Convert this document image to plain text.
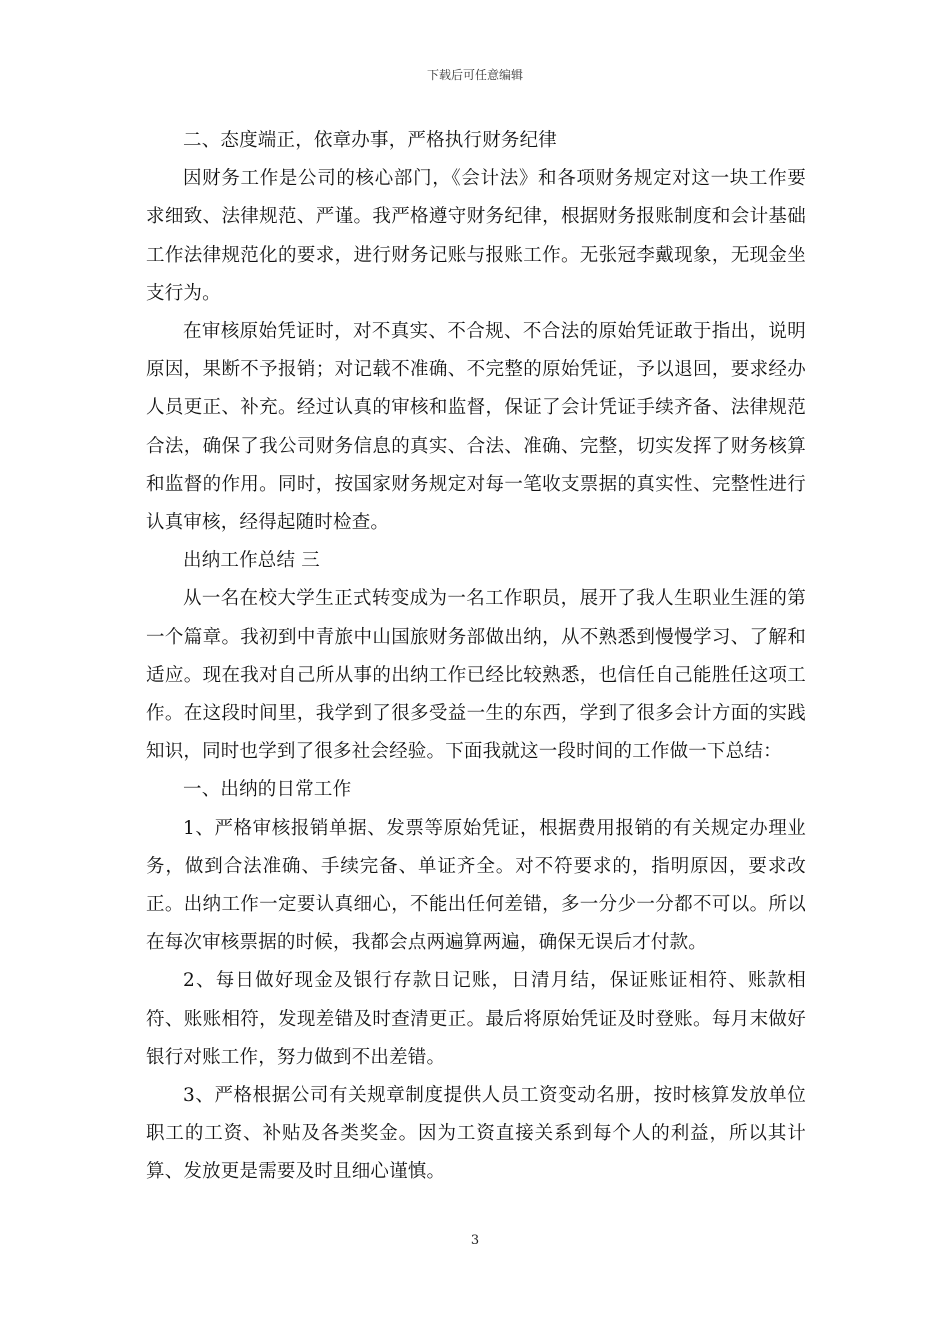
下载后可任意编辑

二、态度端正，依章办事，严格执行财务纪律

因财务工作是公司的核心部门，《会计法》和各项财务规定对这一块工作要求细致、法律规范、严谨。我严格遵守财务纪律，根据财务报账制度和会计基础工作法律规范化的要求，进行财务记账与报账工作。无张冠李戴现象，无现金坐支行为。

在审核原始凭证时，对不真实、不合规、不合法的原始凭证敢于指出，说明原因，果断不予报销；对记载不准确、不完整的原始凭证，予以退回，要求经办人员更正、补充。经过认真的审核和监督，保证了会计凭证手续齐备、法律规范合法，确保了我公司财务信息的真实、合法、准确、完整，切实发挥了财务核算和监督的作用。同时，按国家财务规定对每一笔收支票据的真实性、完整性进行认真审核，经得起随时检查。

出纳工作总结 三

从一名在校大学生正式转变成为一名工作职员，展开了我人生职业生涯的第一个篇章。我初到中青旅中山国旅财务部做出纳，从不熟悉到慢慢学习、了解和适应。现在我对自己所从事的出纳工作已经比较熟悉，也信任自己能胜任这项工作。在这段时间里，我学到了很多受益一生的东西，学到了很多会计方面的实践知识，同时也学到了很多社会经验。下面我就这一段时间的工作做一下总结：

一、出纳的日常工作

1、严格审核报销单据、发票等原始凭证，根据费用报销的有关规定办理业务，做到合法准确、手续完备、单证齐全。对不符要求的，指明原因，要求改正。出纳工作一定要认真细心，不能出任何差错，多一分少一分都不可以。所以在每次审核票据的时候，我都会点两遍算两遍，确保无误后才付款。

2、每日做好现金及银行存款日记账，日清月结，保证账证相符、账款相符、账账相符，发现差错及时查清更正。最后将原始凭证及时登账。每月末做好银行对账工作，努力做到不出差错。

3、严格根据公司有关规章制度提供人员工资变动名册，按时核算发放单位职工的工资、补贴及各类奖金。因为工资直接关系到每个人的利益，所以其计算、发放更是需要及时且细心谨慎。

3
